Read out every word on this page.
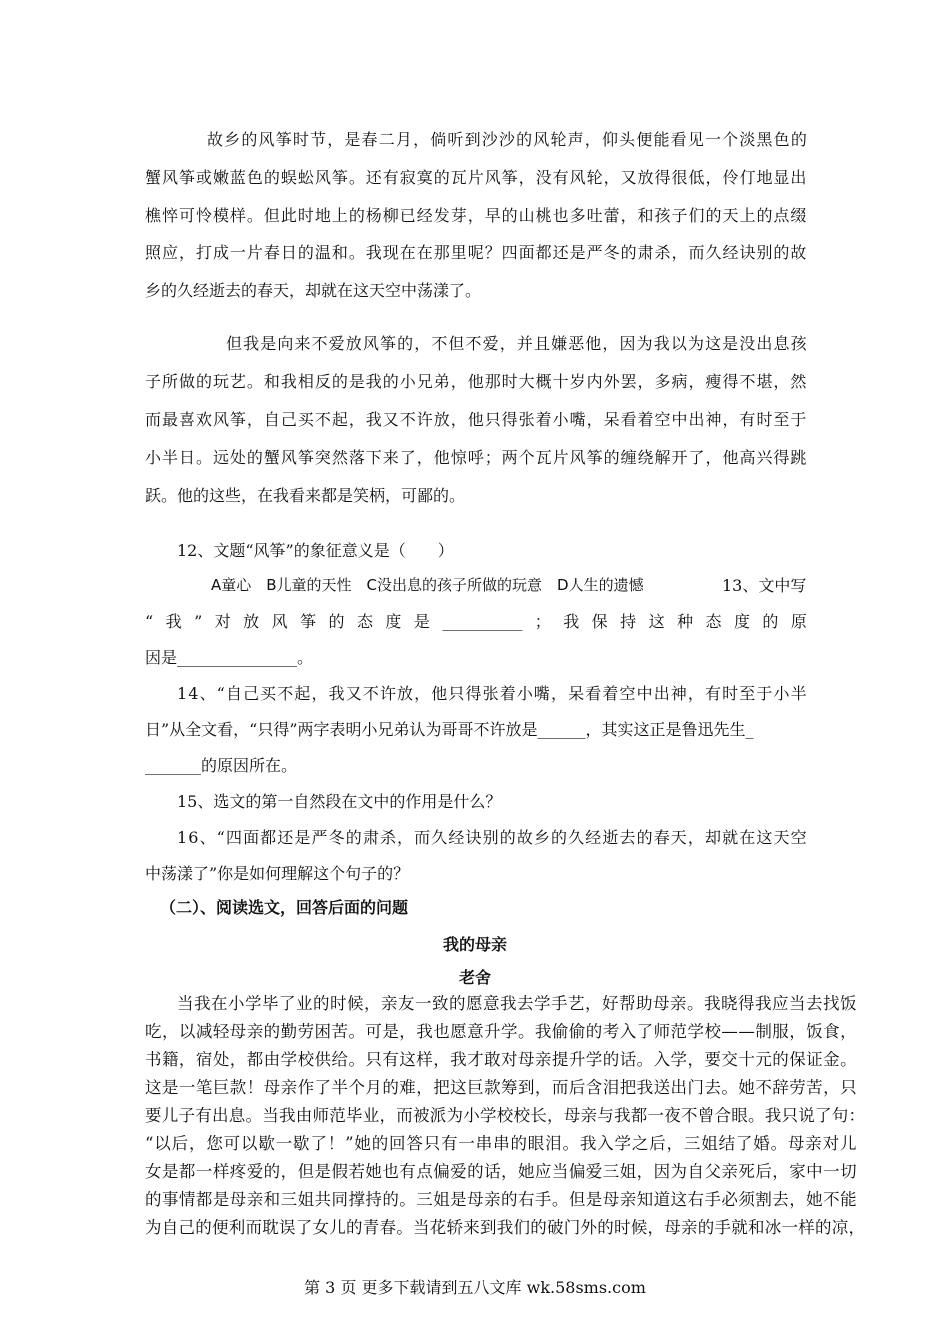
故 乡 的 风 筝 时 节 ， 是 春 二 月 ， 倘 听 到 沙 沙 的 风 轮 声 ， 仰 头 便 能 看 见 一 个 淡 黑 色 的
蟹 风 筝 或 嫩 蓝 色 的 蜈 蚣 风 筝 。 还 有 寂 寞 的 瓦 片 风 筝 ， 没 有 风 轮 ， 又 放 得 很 低 ， 伶 仃 地 显 出
樵 悴 可 怜 模 样 。 但 此 时 地 上 的 杨 柳 已 经 发 芽 ， 早 的 山 桃 也 多 吐 蕾 ， 和 孩 子 们 的 天 上 的 点 缀
照 应 ， 打 成 一 片 春 日 的 温 和 。 我 现 在 在 那 里 呢 ？ 四 面 都 还 是 严 冬 的 肃 杀 ， 而 久 经 诀 别 的 故
乡的久经逝去的春天，却就在这天空中荡漾了。
但 我 是 向 来 不 爱 放 风 筝 的 ， 不 但 不 爱 ， 并 且 嫌 恶 他 ， 因 为 我 以 为 这 是 没 出 息 孩
子 所 做 的 玩 艺 。 和 我 相 反 的 是 我 的 小 兄 弟 ， 他 那 时 大 概 十 岁 内 外 罢 ， 多 病 ， 瘦 得 不 堪 ， 然
而 最 喜 欢 风 筝 ， 自 己 买 不 起 ， 我 又 不 许 放 ， 他 只 得 张 着 小 嘴 ， 呆 看 着 空 中 出 神 ， 有 时 至 于
小 半 日 。 远 处 的 蟹 风 筝 突 然 落 下 来 了 ， 他 惊 呼 ； 两 个 瓦 片 风 筝 的 缠 绕 解 开 了 ， 他 高 兴 得 跳
跃。他的这些，在我看来都是笑柄，可鄙的。
12、文题“风筝”的象征意义是（　　）
A童心　B儿童的天性　C没出息的孩子所做的玩意　D人生的遗憾	13、文中写
“ 我 ” 对 放 风 筝 的 态 度 是 __________ ； 我 保 持 这 种 态 度 的 原
因是_______________。
1 4 、 “ 自 己 买 不 起 ， 我 又 不 许 放 ， 他 只 得 张 着 小 嘴 ， 呆 看 着 空 中 出 神 ， 有 时 至 于 小 半
日”从全文看，“只得”两字表明小兄弟认为哥哥不许放是______，其实这正是鲁迅先生_
_______的原因所在。
15、选文的第一自然段在文中的作用是什么？
1 6 、 “ 四 面 都 还 是 严 冬 的 肃 杀 ， 而 久 经 诀 别 的 故 乡 的 久 经 逝 去 的 春 天 ， 却 就 在 这 天 空
中荡漾了”你是如何理解这个句子的？
（二）、阅读选文，回答后面的问题
我的母亲
老舍
当 我 在 小 学 毕 了 业 的 时 候 ， 亲 友 一 致 的 愿 意 我 去 学 手 艺 ， 好 帮 助 母 亲 。 我 晓 得 我 应 当 去 找 饭
吃 ， 以 减 轻 母 亲 的 勤 劳 困 苦 。 可 是 ， 我 也 愿 意 升 学 。 我 偷 偷 的 考 入 了 师 范 学 校 — — 制 服 ， 饭 食 ，
书 籍 ， 宿 处 ， 都 由 学 校 供 给 。 只 有 这 样 ， 我 才 敢 对 母 亲 提 升 学 的 话 。 入 学 ， 要 交 十 元 的 保 证 金 。
这 是 一 笔 巨 款 ！ 母 亲 作 了 半 个 月 的 难 ， 把 这 巨 款 筹 到 ， 而 后 含 泪 把 我 送 出 门 去 。 她 不 辞 劳 苦 ， 只
要 儿 子 有 出 息 。 当 我 由 师 范 毕 业 ， 而 被 派 为 小 学 校 校 长 ， 母 亲 与 我 都 一 夜 不 曾 合 眼 。 我 只 说 了 句 ：
“ 以 后 ， 您 可 以 歇 一 歇 了 ！ ” 她 的 回 答 只 有 一 串 串 的 眼 泪 。 我 入 学 之 后 ， 三 姐 结 了 婚 。 母 亲 对 儿
女 是 都 一 样 疼 爱 的 ， 但 是 假 若 她 也 有 点 偏 爱 的 话 ， 她 应 当 偏 爱 三 姐 ， 因 为 自 父 亲 死 后 ， 家 中 一 切
的 事 情 都 是 母 亲 和 三 姐 共 同 撑 持 的 。 三 姐 是 母 亲 的 右 手 。 但 是 母 亲 知 道 这 右 手 必 须 割 去 ， 她 不 能
为 自 己 的 便 利 而 耽 误 了 女 儿 的 青 春 。 当 花 轿 来 到 我 们 的 破 门 外 的 时 候 ， 母 亲 的 手 就 和 冰 一 样 的 凉 ，
第 3 页 更多下载请到五八文库 wk.58sms.com
